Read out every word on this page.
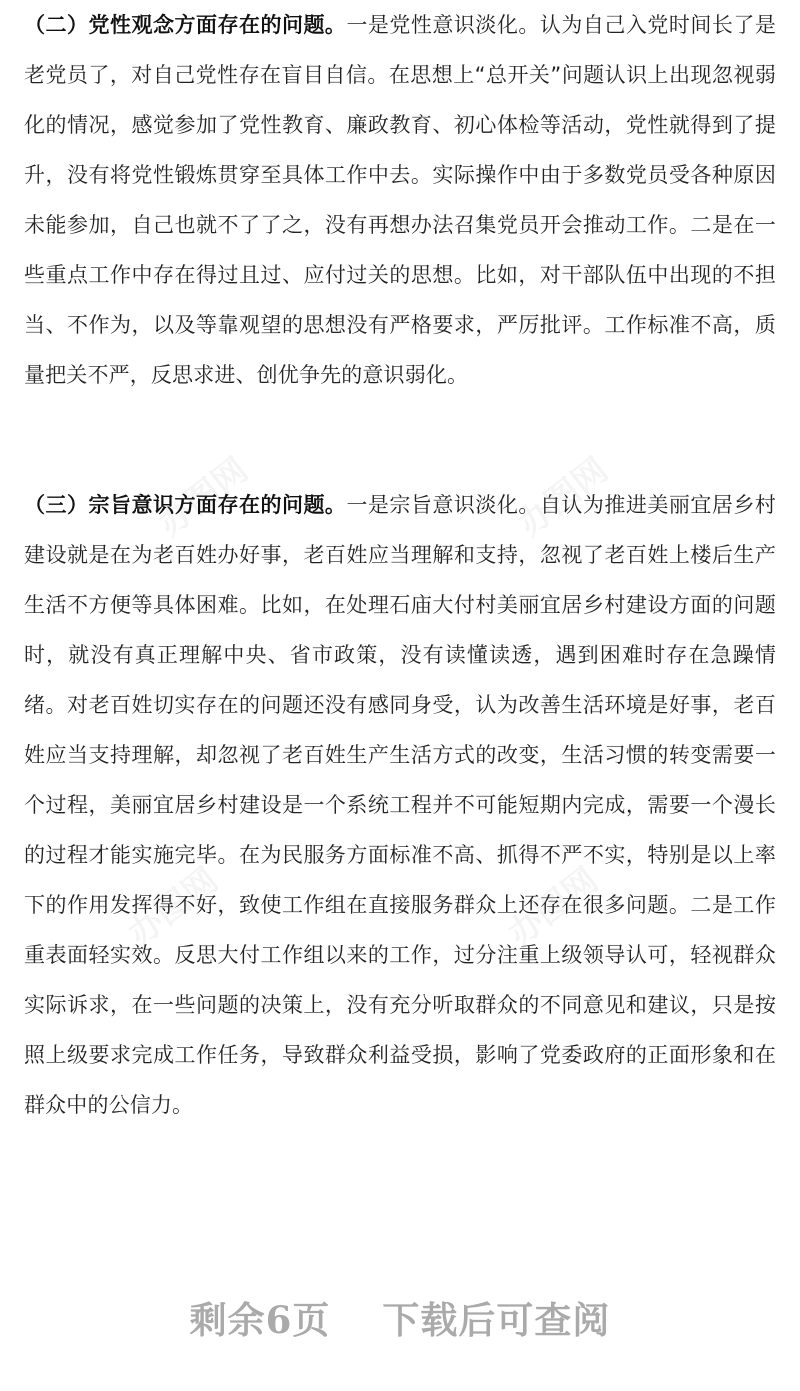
（二）党性观念方面存在的问题。一是党性意识淡化。认为自己入党时间长了是老党员了，对自己党性存在盲目自信。在思想上“总开关”问题认识上出现忽视弱化的情况，感觉参加了党性教育、廉政教育、初心体检等活动，党性就得到了提升，没有将党性锻炼贯穿至具体工作中去。实际操作中由于多数党员受各种原因未能参加，自己也就不了了之，没有再想办法召集党员开会推动工作。二是在一些重点工作中存在得过且过、应付过关的思想。比如，对干部队伍中出现的不担当、不作为，以及等靠观望的思想没有严格要求，严厉批评。工作标准不高，质量把关不严，反思求进、创优争先的意识弱化。

（三）宗旨意识方面存在的问题。一是宗旨意识淡化。自认为推进美丽宜居乡村建设就是在为老百姓办好事，老百姓应当理解和支持，忽视了老百姓上楼后生产生活不方便等具体困难。比如，在处理石庙大付村美丽宜居乡村建设方面的问题时，就没有真正理解中央、省市政策，没有读懂读透，遇到困难时存在急躁情绪。对老百姓切实存在的问题还没有感同身受，认为改善生活环境是好事，老百姓应当支持理解，却忽视了老百姓生产生活方式的改变，生活习惯的转变需要一个过程，美丽宜居乡村建设是一个系统工程并不可能短期内完成，需要一个漫长的过程才能实施完毕。在为民服务方面标准不高、抓得不严不实，特别是以上率下的作用发挥得不好，致使工作组在直接服务群众上还存在很多问题。二是工作重表面轻实效。反思大付工作组以来的工作，过分注重上级领导认可，轻视群众实际诉求，在一些问题的决策上，没有充分听取群众的不同意见和建议，只是按照上级要求完成工作任务，导致群众利益受损，影响了党委政府的正面形象和在群众中的公信力。

剩余6页 下载后可查阅
